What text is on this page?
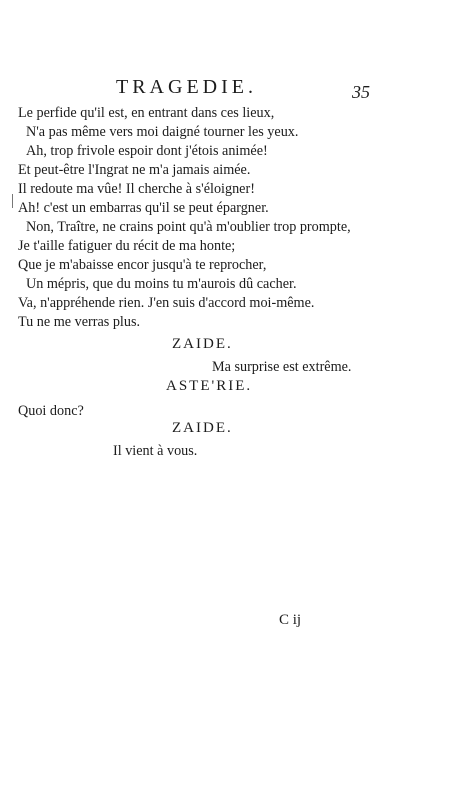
TRAGEDIE.	35
Le perfide qu'il est, en entrant dans ces lieux,
N'a pas même vers moi daigné tourner les yeux.
Ah, trop frivole espoir dont j'étois animée!
Et peut-être l'Ingrat ne m'a jamais aimée.
Il redoute ma vûe! Il cherche à s'éloigner!
Ah! c'est un embarras qu'il se peut épargner.
Non, Traître, ne crains point qu'à m'oublier trop prompte,
Je t'aille fatiguer du récit de ma honte;
Que je m'abaisse encor jusqu'à te reprocher,
Un mépris, que du moins tu m'aurois dû cacher.
Va, n'appréhende rien. J'en suis d'accord moi-même.
Tu ne me verras plus.
ZAIDE.
Ma surprise est extrême.
ASTE'RIE.
Quoi donc?
ZAIDE.
Il vient à vous.
C ij
